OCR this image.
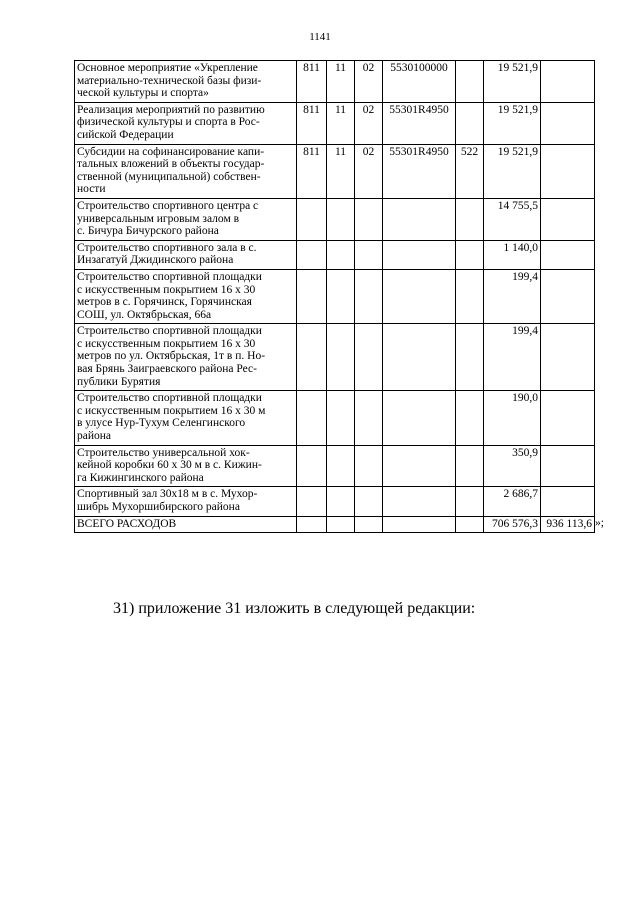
1141
Основное мероприятие «Укрепление
материально-технической базы физи-
ческой культуры и спорта»	811	11	02	5530100000		19 521,9		

Реализация мероприятий по развитию
физической культуры и спорта в Рос-
сийской Федерации	811	11	02	55301R4950		19 521,9		

Субсидии на софинансирование капи-
тальных вложений в объекты государ-
ственной (муниципальной) собствен-
ности	811	11	02	55301R4950	522	19 521,9		

Строительство спортивного центра с
универсальным игровым залом в
с. Бичура Бичурского района						14 755,5		

Строительство спортивного зала в с.
Инзагатуй Джидинского района						1 140,0		

Строительство спортивной площадки
с искусственным покрытием 16 х 30
метров в с. Горячинск, Горячинская
СОШ, ул. Октябрьская, 66а						199,4		

Строительство спортивной площадки
с искусственным покрытием 16 х 30
метров по ул. Октябрьская, 1т в п. Но-
вая Брянь Заиграевского района Рес-
публики Бурятия						199,4		

Строительство спортивной площадки
с искусственным покрытием 16 х 30 м
в улусе Нур-Тухум Селенгинского
района						190,0		

Строительство универсальной хок-
кейной коробки 60 х 30 м в с. Кижин-
га Кижингинского района						350,9		

Спортивный зал 30х18 м в с. Мухор-
шибрь Мухоршибирского района						2 686,7		

ВСЕГО РАСХОДОВ						706 576,3	936 113,6	»;
31) приложение 31 изложить в следующей редакции:
